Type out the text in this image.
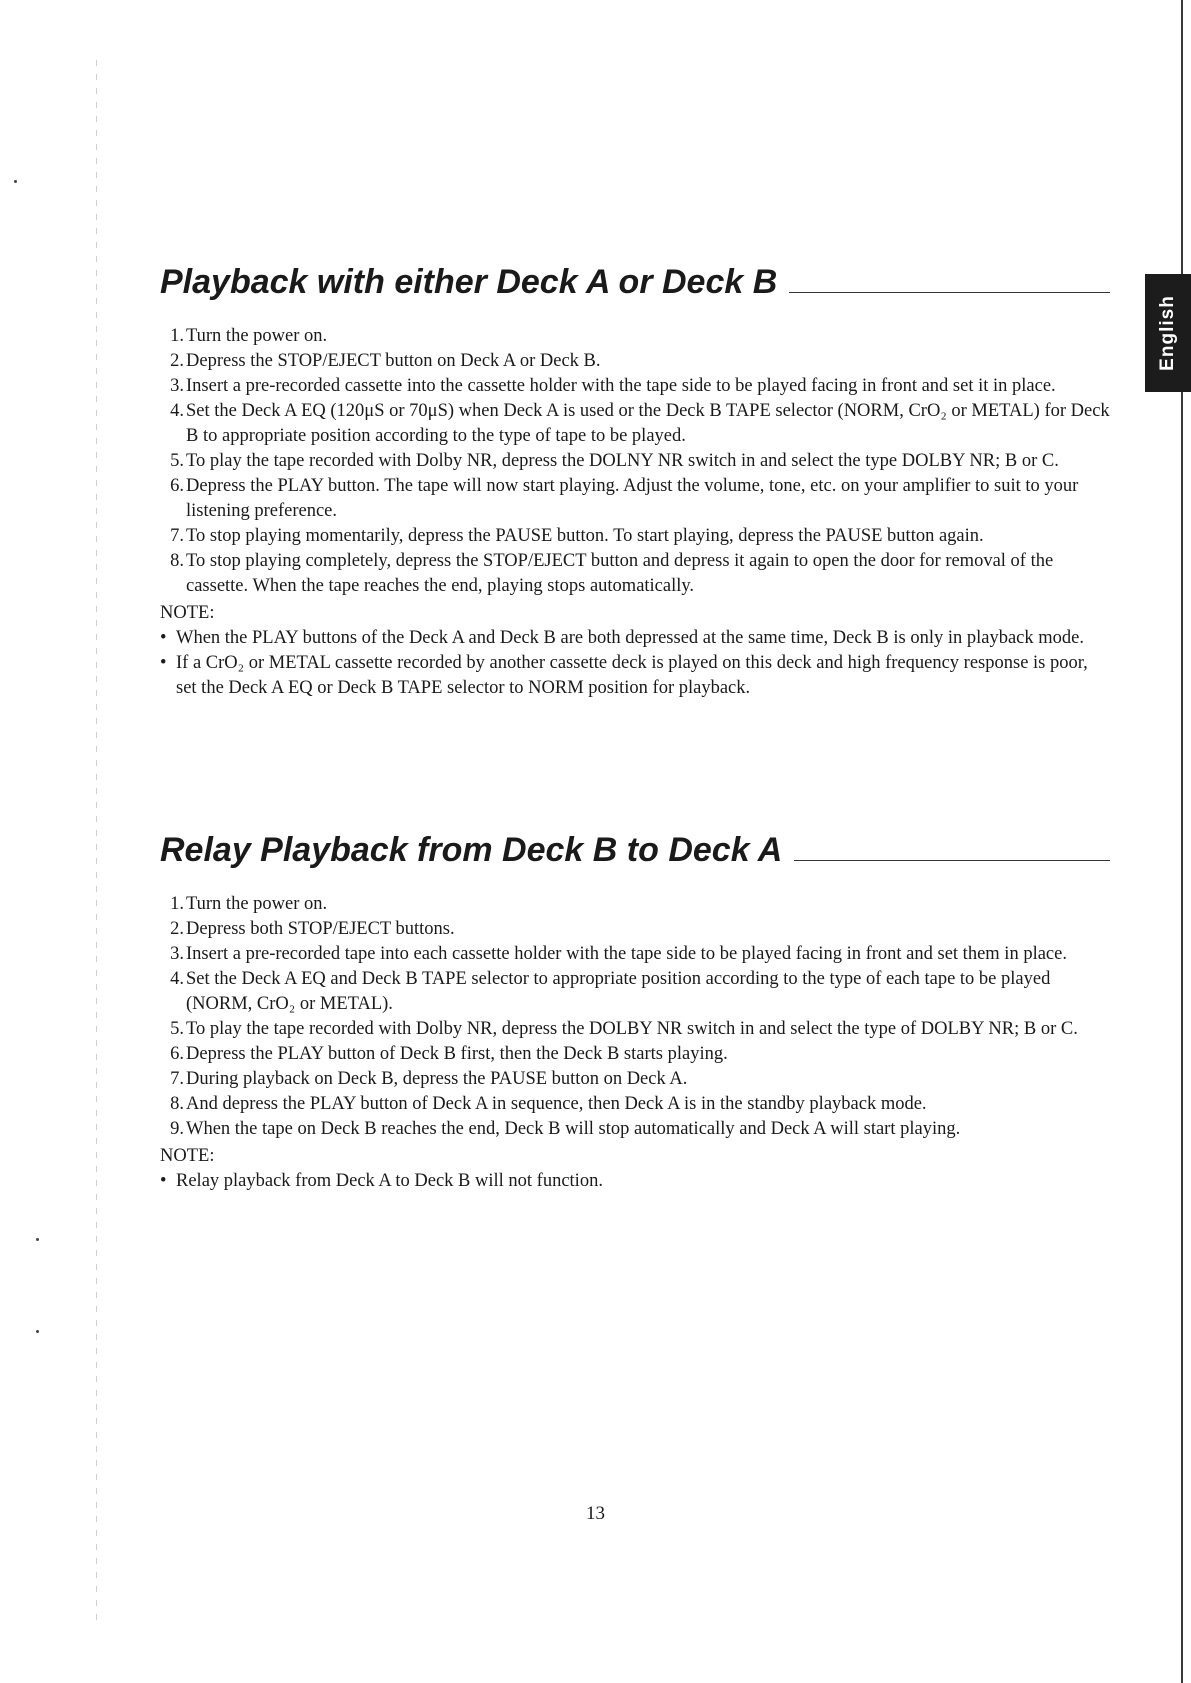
English
Playback with either Deck A or Deck B
1. Turn the power on.
2. Depress the STOP/EJECT button on Deck A or Deck B.
3. Insert a pre-recorded cassette into the cassette holder with the tape side to be played facing in front and set it in place.
4. Set the Deck A EQ (120μS or 70μS) when Deck A is used or the Deck B TAPE selector (NORM, CrO₂ or METAL) for Deck B to appropriate position according to the type of tape to be played.
5. To play the tape recorded with Dolby NR, depress the DOLNY NR switch in and select the type DOLBY NR; B or C.
6. Depress the PLAY button. The tape will now start playing. Adjust the volume, tone, etc. on your amplifier to suit to your listening preference.
7. To stop playing momentarily, depress the PAUSE button. To start playing, depress the PAUSE button again.
8. To stop playing completely, depress the STOP/EJECT button and depress it again to open the door for removal of the cassette. When the tape reaches the end, playing stops automatically.
NOTE:
• When the PLAY buttons of the Deck A and Deck B are both depressed at the same time, Deck B is only in playback mode.
• If a CrO₂ or METAL cassette recorded by another cassette deck is played on this deck and high frequency response is poor, set the Deck A EQ or Deck B TAPE selector to NORM position for playback.
Relay Playback from Deck B to Deck A
1. Turn the power on.
2. Depress both STOP/EJECT buttons.
3. Insert a pre-recorded tape into each cassette holder with the tape side to be played facing in front and set them in place.
4. Set the Deck A EQ and Deck B TAPE selector to appropriate position according to the type of each tape to be played (NORM, CrO₂ or METAL).
5. To play the tape recorded with Dolby NR, depress the DOLBY NR switch in and select the type of DOLBY NR; B or C.
6. Depress the PLAY button of Deck B first, then the Deck B starts playing.
7. During playback on Deck B, depress the PAUSE button on Deck A.
8. And depress the PLAY button of Deck A in sequence, then Deck A is in the standby playback mode.
9. When the tape on Deck B reaches the end, Deck B will stop automatically and Deck A will start playing.
NOTE:
• Relay playback from Deck A to Deck B will not function.
13
